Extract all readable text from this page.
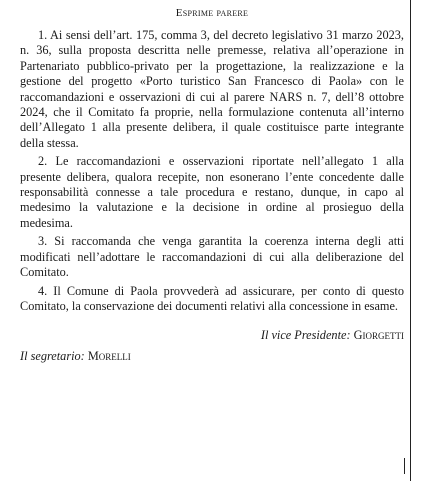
Esprime parere

1. Ai sensi dell’art. 175, comma 3, del decreto legislativo 31 marzo 2023, n. 36, sulla proposta descritta nelle premesse, relativa all’operazione in Partenariato pubblico-privato per la progettazione, la realizzazione e la gestione del progetto «Porto turistico San Francesco di Paola» con le raccomandazioni e osservazioni di cui al parere NARS n. 7, dell’8 ottobre 2024, che il Comitato fa proprie, nella formulazione contenuta all’interno dell’Allegato 1 alla presente delibera, il quale costituisce parte integrante della stessa.

2. Le raccomandazioni e osservazioni riportate nell’allegato 1 alla presente delibera, qualora recepite, non esonerano l’ente concedente dalle responsabilità connesse a tale procedura e restano, dunque, in capo al medesimo la valutazione e la decisione in ordine al prosieguo della medesima.

3. Si raccomanda che venga garantita la coerenza interna degli atti modificati nell’adottare le raccomandazioni di cui alla deliberazione del Comitato.

4. Il Comune di Paola provvederà ad assicurare, per conto di questo Comitato, la conservazione dei documenti relativi alla concessione in esame.

Il vice Presidente: Giorgetti
Il segretario: Morelli
